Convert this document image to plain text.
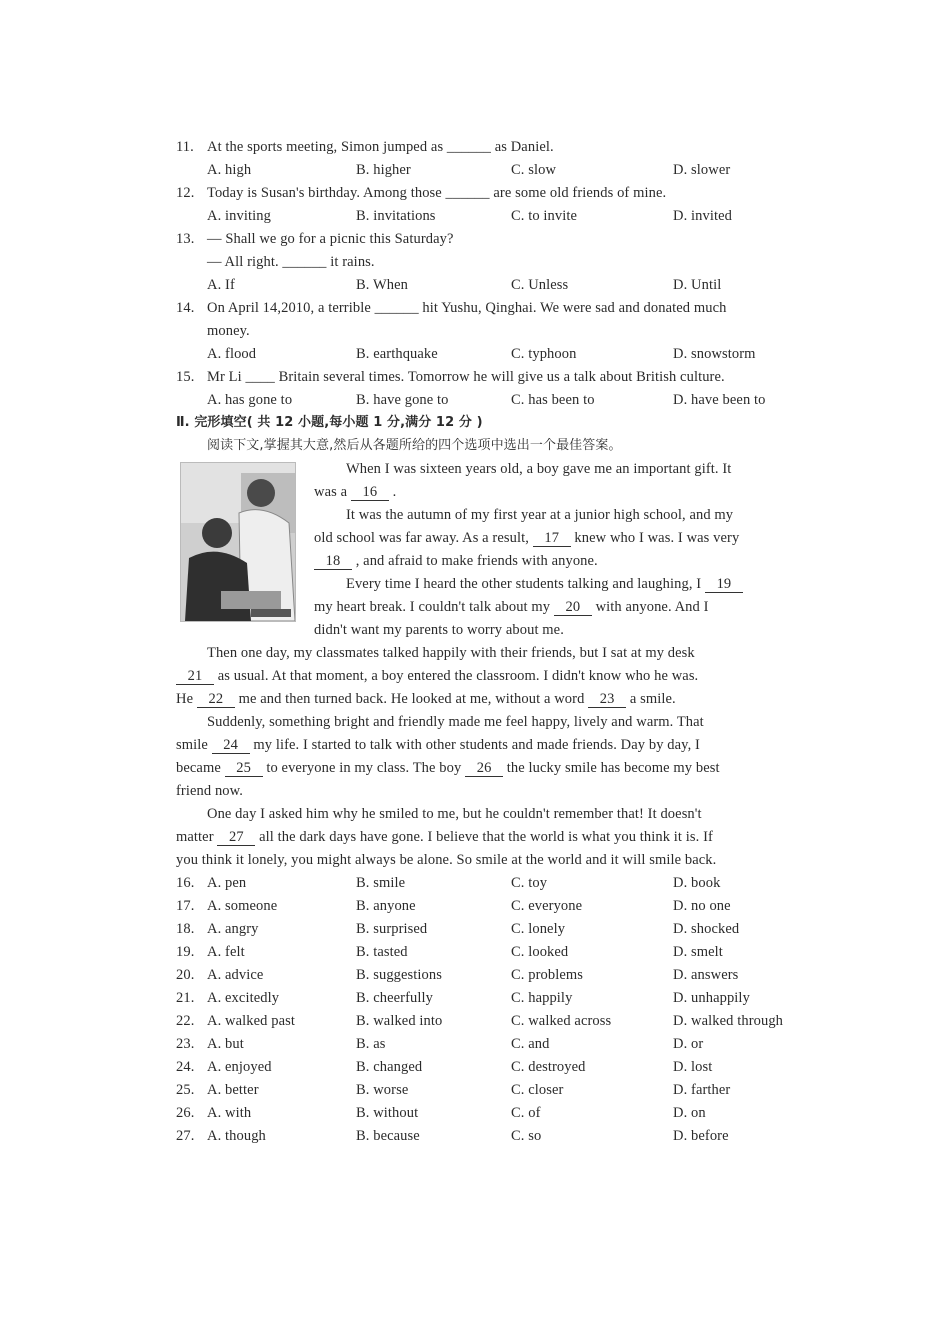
11. At the sports meeting, Simon jumped as ______ as Daniel.
A. high	B. higher	C. slow	D. slower
12. Today is Susan's birthday. Among those ______ are some old friends of mine.
A. inviting	B. invitations	C. to invite	D. invited
13. — Shall we go for a picnic this Saturday?
— All right. ______ it rains.
A. If	B. When	C. Unless	D. Until
14. On April 14,2010, a terrible ______ hit Yushu, Qinghai. We were sad and donated much
money.
A. flood	B. earthquake	C. typhoon	D. snowstorm
15. Mr Li ____ Britain several times. Tomorrow he will give us a talk about British culture.
A. has gone to	B. have gone to	C. has been to	D. have been to
Ⅱ. 完形填空( 共 12 小题,每小题 1 分,满分 12 分 )
阅读下文,掌握其大意,然后从各题所给的四个选项中选出一个最佳答案。
When I was sixteen years old, a boy gave me an important gift. It
was a 16 .
It was the autumn of my first year at a junior high school, and my
old school was far away. As a result, 17 knew who I was. I was very
18 , and afraid to make friends with anyone.
Every time I heard the other students talking and laughing, I 19
my heart break. I couldn't talk about my 20 with anyone. And I
didn't want my parents to worry about me.
Then one day, my classmates talked happily with their friends, but I sat at my desk
21 as usual. At that moment, a boy entered the classroom. I didn't know who he was.
He 22 me and then turned back. He looked at me, without a word 23 a smile.
Suddenly, something bright and friendly made me feel happy, lively and warm. That
smile 24 my life. I started to talk with other students and made friends. Day by day, I
became 25 to everyone in my class. The boy 26 the lucky smile has become my best
friend now.
One day I asked him why he smiled to me, but he couldn't remember that! It doesn't
matter 27 all the dark days have gone. I believe that the world is what you think it is. If
you think it lonely, you might always be alone. So smile at the world and it will smile back.
16. A. pen	B. smile	C. toy	D. book
17. A. someone	B. anyone	C. everyone	D. no one
18. A. angry	B. surprised	C. lonely	D. shocked
19. A. felt	B. tasted	C. looked	D. smelt
20. A. advice	B. suggestions	C. problems	D. answers
21. A. excitedly	B. cheerfully	C. happily	D. unhappily
22. A. walked past	B. walked into	C. walked across	D. walked through
23. A. but	B. as	C. and	D. or
24. A. enjoyed	B. changed	C. destroyed	D. lost
25. A. better	B. worse	C. closer	D. farther
26. A. with	B. without	C. of	D. on
27. A. though	B. because	C. so	D. before
